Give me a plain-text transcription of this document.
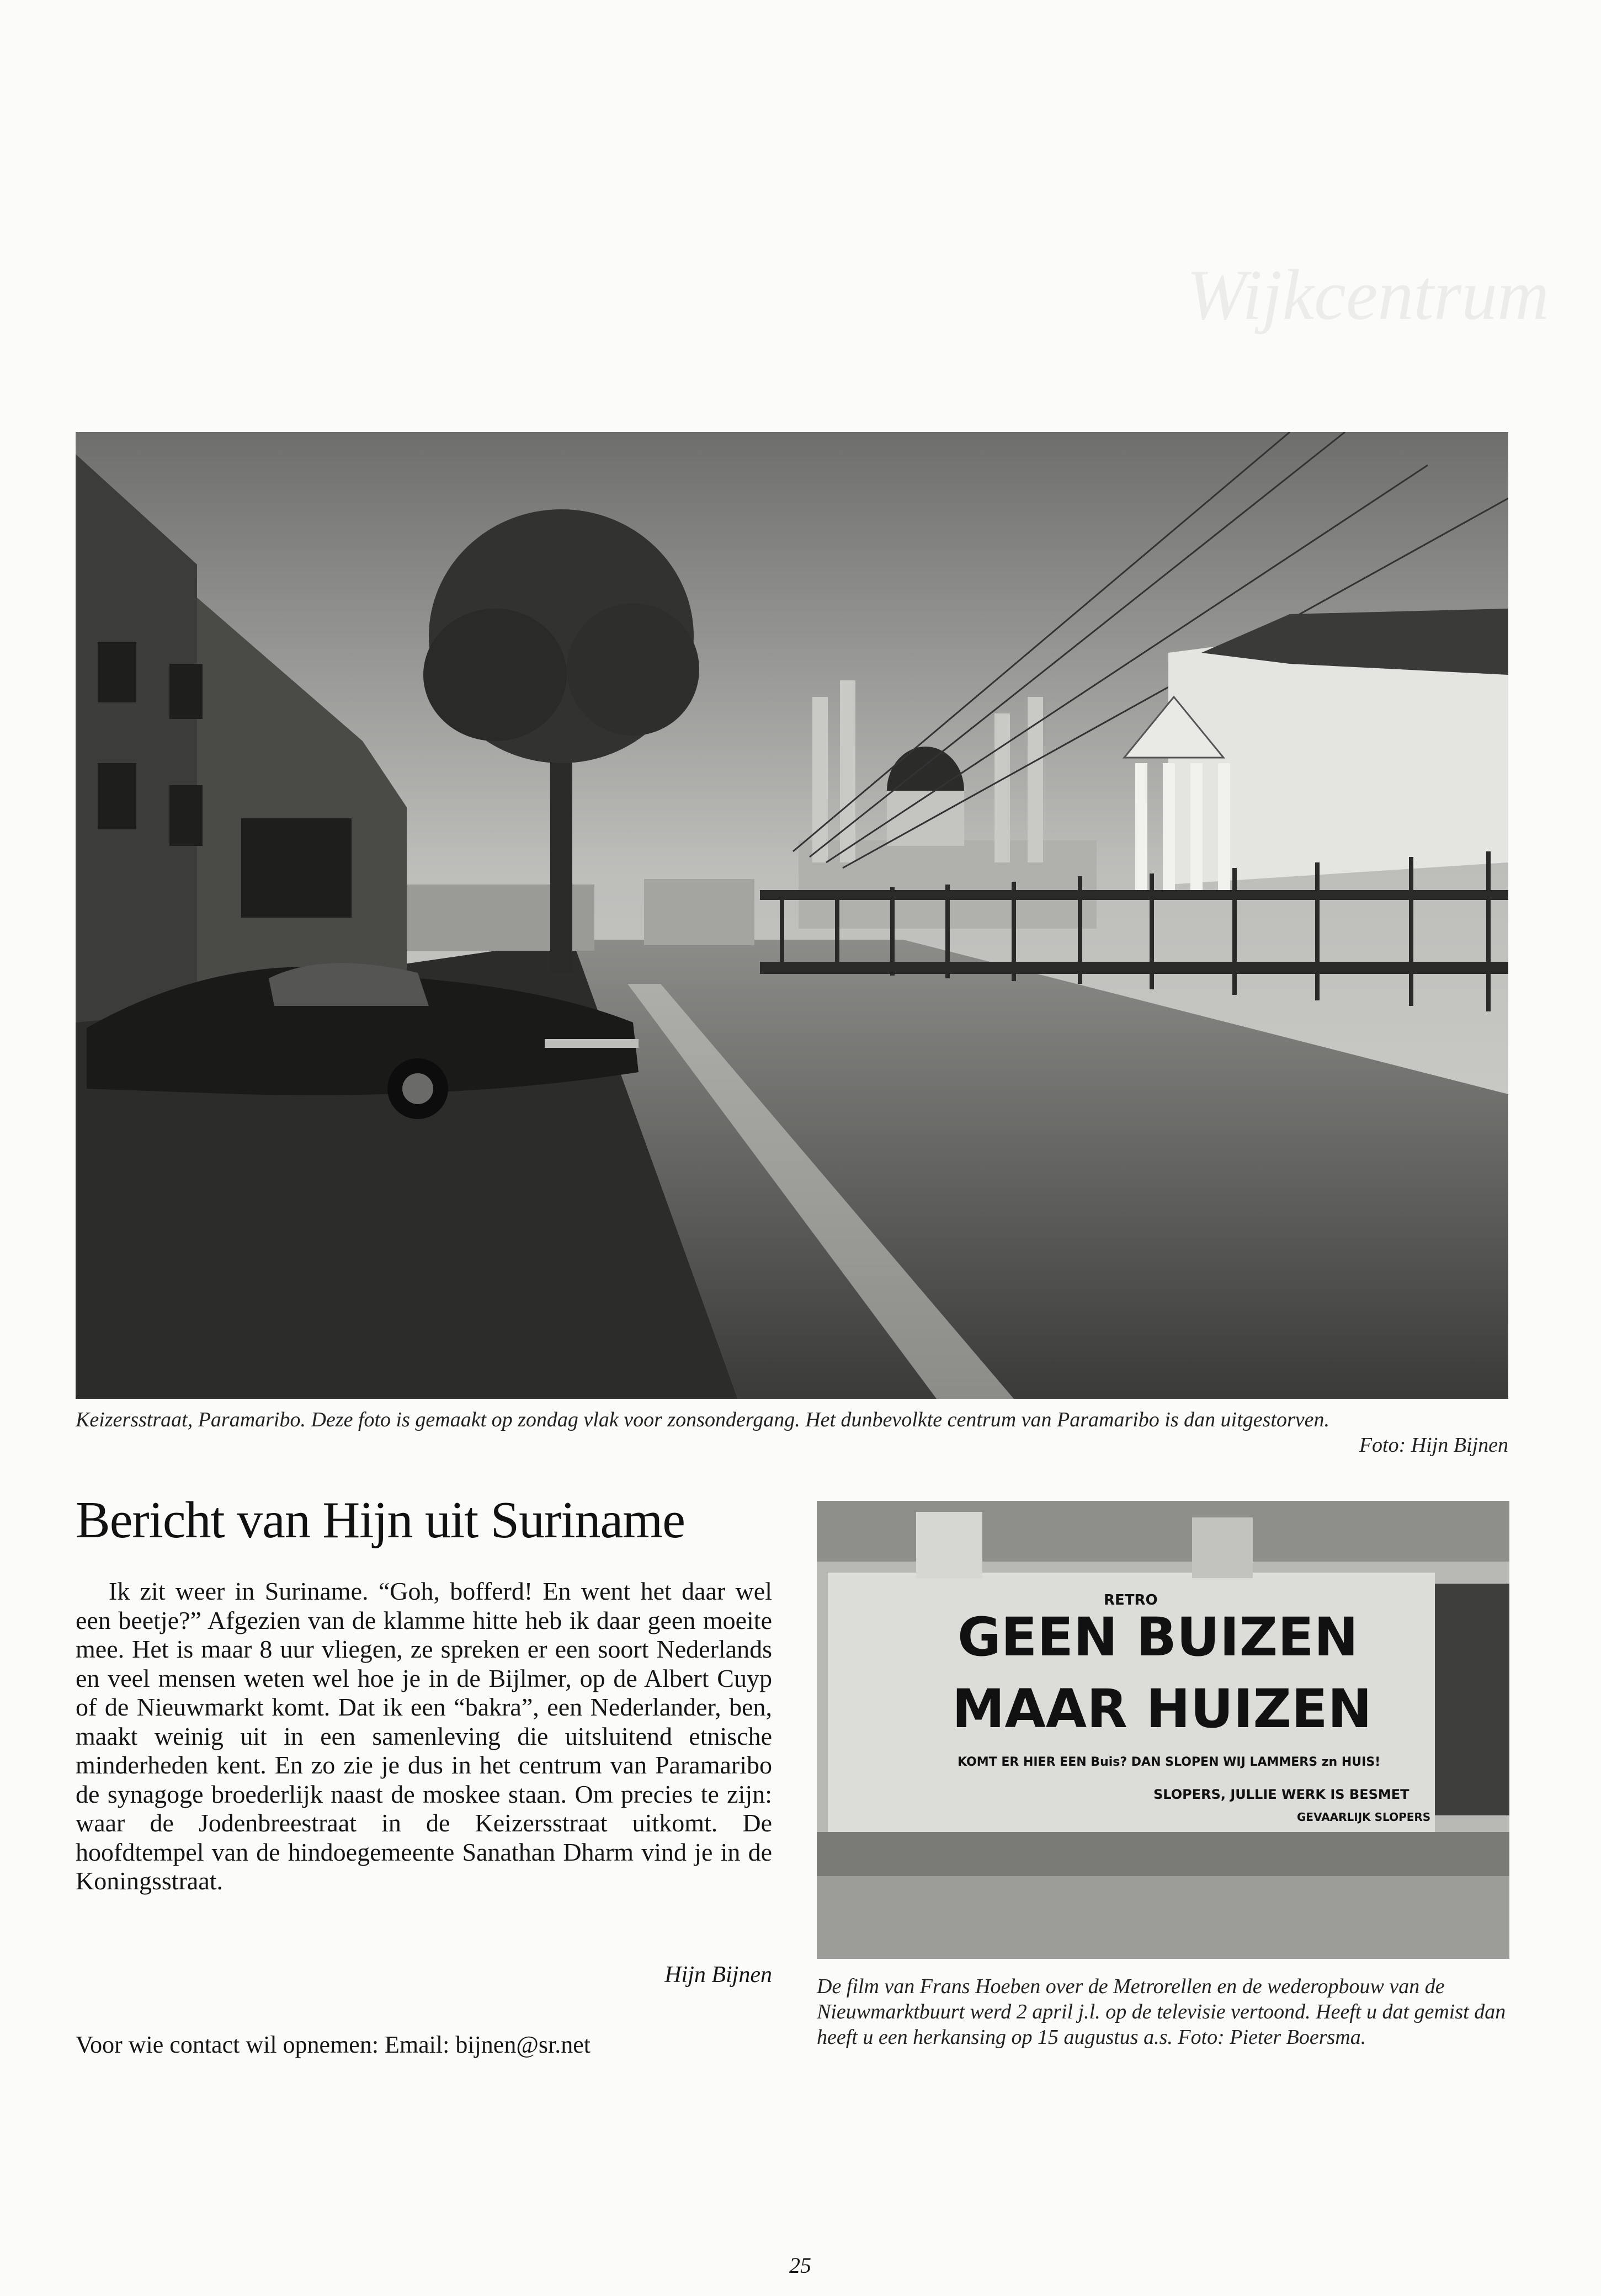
Wijkcentrum
Keizersstraat, Paramaribo. Deze foto is gemaakt op zondag vlak voor zonsondergang. Het dunbevolkte centrum van Paramaribo is dan uitgestorven.
Foto: Hijn Bijnen
Bericht van Hijn uit Suriname

Ik zit weer in Suriname. “Goh, bofferd! En went het daar wel een beetje?” Afgezien van de klamme hitte heb ik daar geen moeite mee. Het is maar 8 uur vliegen, ze spreken er een soort Nederlands en veel mensen weten wel hoe je in de Bijlmer, op de Albert Cuyp of de Nieuwmarkt komt. Dat ik een “bakra”, een Nederlander, ben, maakt weinig uit in een samenleving die uitsluitend etnische minderheden kent. En zo zie je dus in het centrum van Paramaribo de synagoge broederlijk naast de moskee staan. Om precies te zijn: waar de Jodenbreestraat in de Keizersstraat uitkomt. De hoofdtempel van de hindoegemeente Sanathan Dharm vind je in de Koningsstraat.

Hijn Bijnen
Voor wie contact wil opnemen: Email: bijnen@sr.net
RETRO
GEEN BUIZEN
MAAR HUIZEN
KOMT ER HIER EEN Buis? DAN SLOPEN WIJ LAMMERS zn HUIS!
SLOPERS, JULLIE WERK IS BESMET
GEVAARLIJK SLOPERS
De film van Frans Hoeben over de Metrorellen en de wederopbouw van de Nieuwmarktbuurt werd 2 april j.l. op de televisie vertoond. Heeft u dat gemist dan heeft u een herkansing op 15 augustus a.s. Foto: Pieter Boersma.
25
